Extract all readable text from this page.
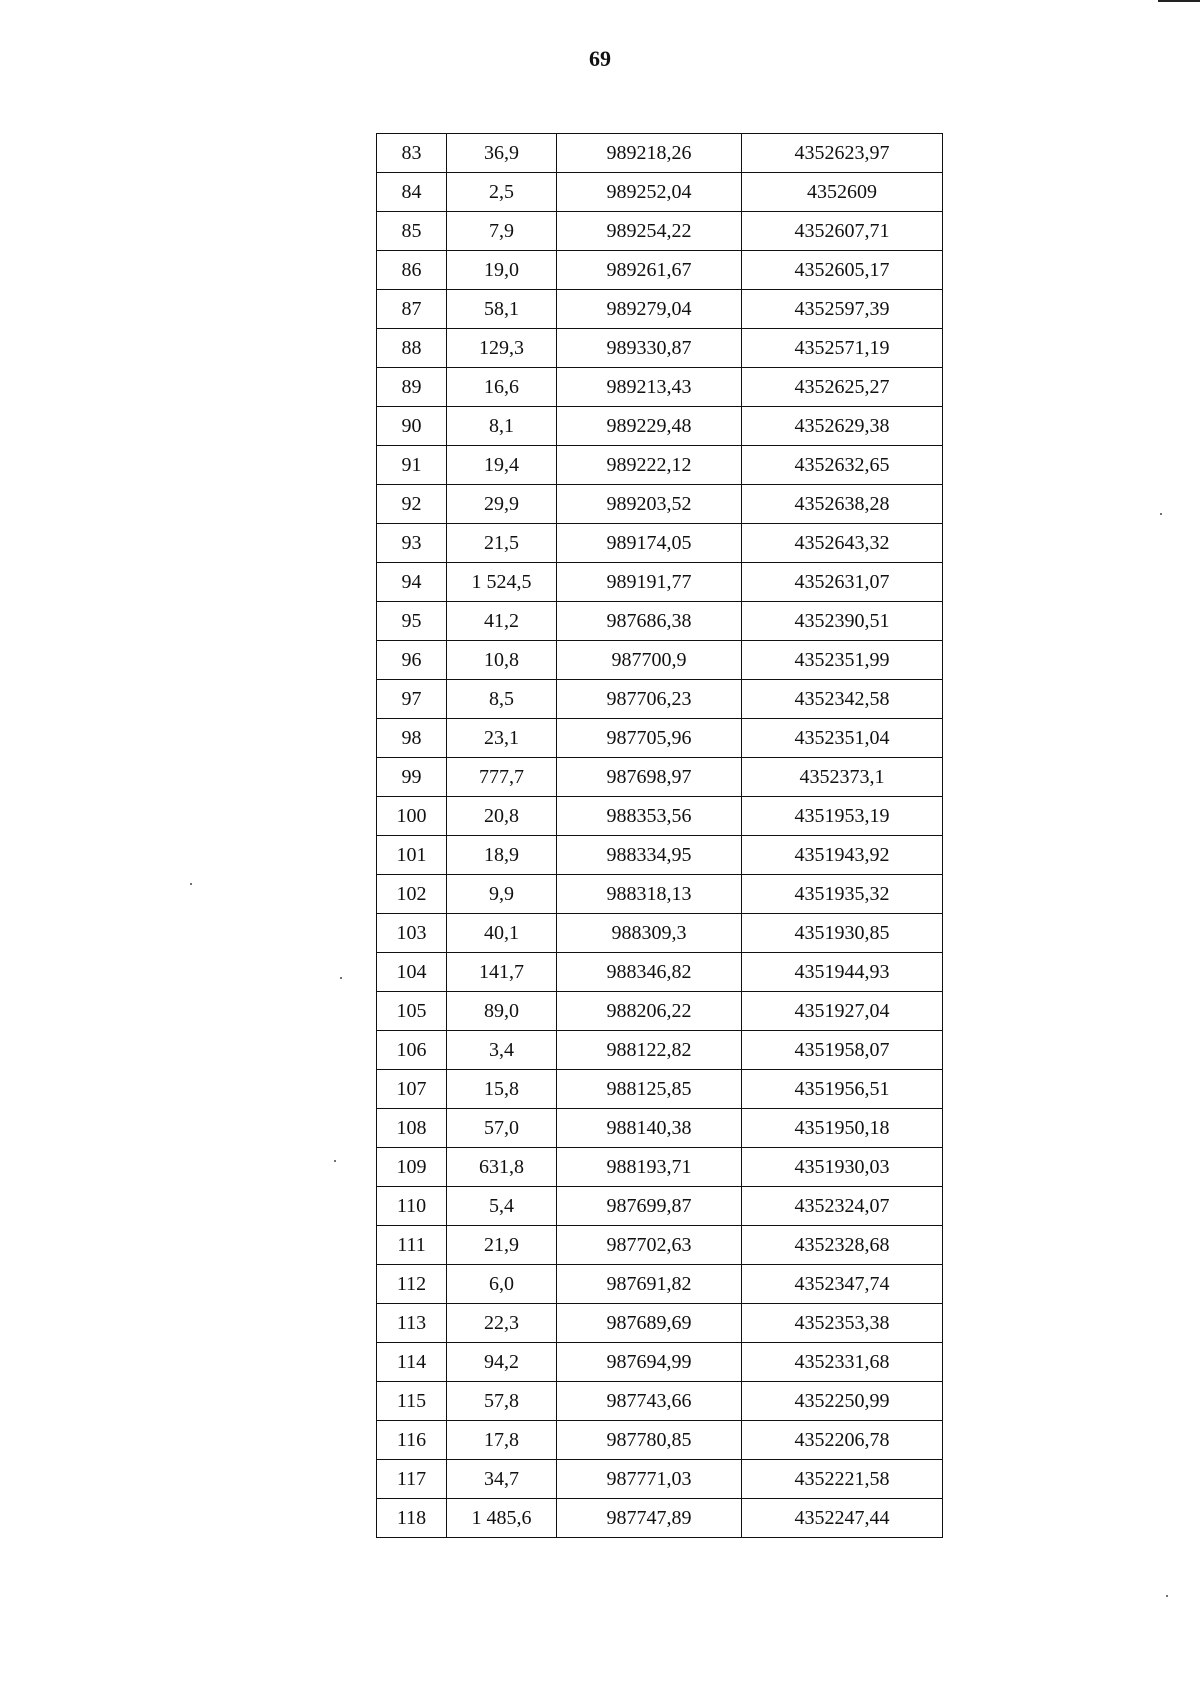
69
83	36,9	989218,26	4352623,97
84	2,5	989252,04	4352609
85	7,9	989254,22	4352607,71
86	19,0	989261,67	4352605,17
87	58,1	989279,04	4352597,39
88	129,3	989330,87	4352571,19
89	16,6	989213,43	4352625,27
90	8,1	989229,48	4352629,38
91	19,4	989222,12	4352632,65
92	29,9	989203,52	4352638,28
93	21,5	989174,05	4352643,32
94	1 524,5	989191,77	4352631,07
95	41,2	987686,38	4352390,51
96	10,8	987700,9	4352351,99
97	8,5	987706,23	4352342,58
98	23,1	987705,96	4352351,04
99	777,7	987698,97	4352373,1
100	20,8	988353,56	4351953,19
101	18,9	988334,95	4351943,92
102	9,9	988318,13	4351935,32
103	40,1	988309,3	4351930,85
104	141,7	988346,82	4351944,93
105	89,0	988206,22	4351927,04
106	3,4	988122,82	4351958,07
107	15,8	988125,85	4351956,51
108	57,0	988140,38	4351950,18
109	631,8	988193,71	4351930,03
110	5,4	987699,87	4352324,07
111	21,9	987702,63	4352328,68
112	6,0	987691,82	4352347,74
113	22,3	987689,69	4352353,38
114	94,2	987694,99	4352331,68
115	57,8	987743,66	4352250,99
116	17,8	987780,85	4352206,78
117	34,7	987771,03	4352221,58
118	1 485,6	987747,89	4352247,44
